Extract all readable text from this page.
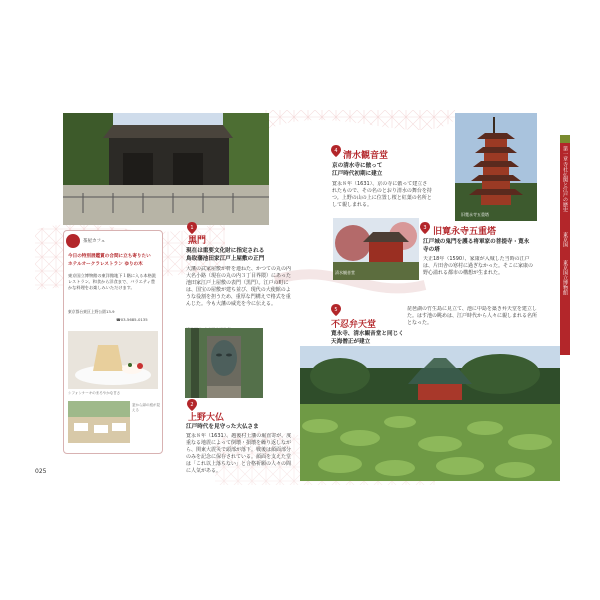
茶屋カフェ
今日の特別展鑑賞の合間に立ち寄りたい
ホテルオークラレストラン ゆりの木
東京国立博物館の東洋館地下１階に入る本格派レストラン。和食から洋食まで、バラエティ豊かな料理をお楽しみいただけます。
東京都台東区上野公園13-9
☎03-5685-0135
シフォンケーキのまろやかな甘さ
窓から緑の庭が見える
025
1
黒門
現在は重要文化財に指定される
鳥取藩池田家江戸上屋敷の正門
大藩の武家屋敷が軒を連ねた、かつての丸の内大名小路（現在の丸の内３丁目界隈）にあった池田家江戸上屋敷の表門（黒門）。江戸の町には、国宝の屋敷が建ち並び、現代の大使館のような役割を担うため、重厚な門構えで格式を重んじた。今も大藩の威光を今に伝える。
2
上野大仏
江戸時代を見守った大仏さま
寛永８年（1631）、越後村上藩の堀直寄が、度重なる地震によって倒壊・損壊を繰り返しながら、関東大震災で頭部が落下。戦後は顔面部分のみを記念に保存されている。顔面を支えた堂は「これ以上落ちない」と合格祈願の人々の間に人気がある。
4 清水観音堂
京の清水寺に倣って
江戸時代初期に建立
寛永８年（1631）、京の寺に倣って建立されたもので、その名のとおり清水の舞台を持つ。上野の山の上に位置し桜と紅葉の名所として親しまれる。
清水観音堂
旧寛永寺五重塔
3 旧寛永寺五重塔
江戸城の鬼門を護る将軍家の菩提寺・寛永寺の塔
天正18年（1590）、家康が入城した当時の江戸は、片田舎の寒村に過ぎなかった。そこに家康の野心溢れる都市の構想が生まれた。
5
不忍弁天堂
寛永寺、清水観音堂と同じく
天海僧正が建立
琵琶湖の竹生島に見立て、池に中島を築き弁天堂を建立した。はす池の眺めは、江戸時代から人々に親しまれる名所となった。
第一章
寺社仏閣と江戸の歴史
東京国
東京国立博物館
